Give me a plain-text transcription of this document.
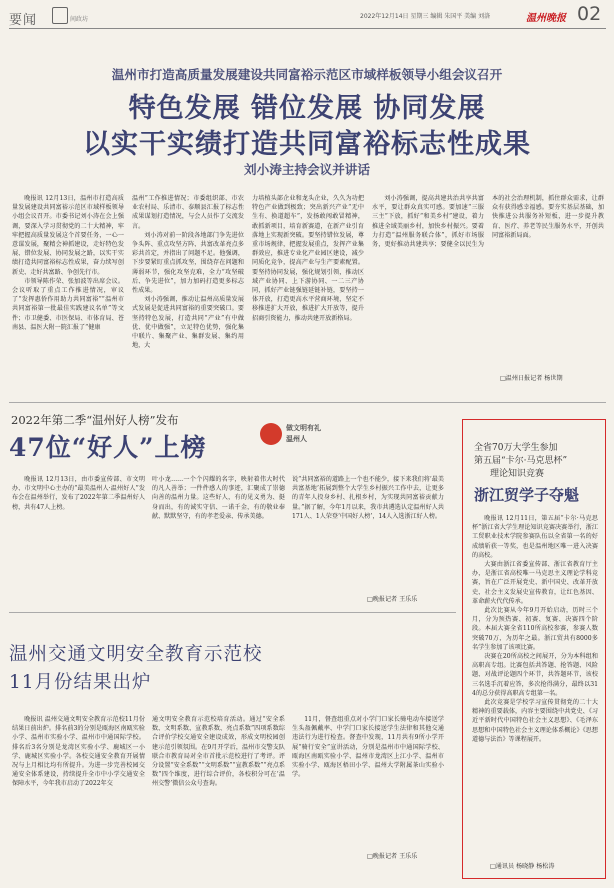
要闻	间政坊	2022年12月14日 星期三 编辑 朱国平 美编 刘洛	温州晚报 02
温州市打造高质量发展建设共同富裕示范区市域样板领导小组会议召开
特色发展 错位发展 协同发展
以实干实绩打造共同富裕标志性成果
刘小涛主持会议并讲话

晚报讯 12月13日，温州市打造高质量发展建设共同富裕示范区市域样板领导小组会议召开。市委书记刘小涛在会上强调，要深入学习贯彻党的二十大精神，牢牢把握高质量发展这个首要任务，一心一意谋发展，聚精会神抓建设，走好特色发展、错位发展、协同发展之路，以实干实绩打造共同富裕标志性成果，奋力续写创新史、走好共富路、争创先行市。

市领导陈作荣、张加波等出席会议。会议听取了重点工作推进情况，审议了“发挥惠侨作用助力共同富裕”“温州市共同富裕第一批最佳实践建议名单”等文件；市卫健委、市医保局、市体育局、苍南县、温医大附一院汇报了“健康

温州”工作推进情况；市委组织部、市农业农村局、乐清市、泰顺县汇报了标志性成果谋划打造情况，与会人员作了交流发言。

刘小涛对前一阶段各地部门争先进位争头阵、重点攻坚方阵、共富改革亮点多彩共首定，并指出了问题不足。他强调，下步要紧盯重点抓攻坚，围绕存在问题和薄弱环节，强化攻坚克难，全力“攻坚破后、争先进位”，加力加码打造更多标志性成果。

刘小涛强调，推动让温州高质量发展式发展是促进共同富裕的重要突破口。要坚持特色发展，打造共同“产业”有中做优、优中做强”，立足特色优势，强化集中联片、集聚产业、集群发展、集约用地，大

力培植头部企业和龙头企业，久久为功把特色产业做到极致；突出新兴产业“无中生有、换道超车”，发扬敢闯敢冒精神，敢抓新项目，培育新赛道，在新产业引育落地上实现新突破。要坚持错位发展，尊重市场规律，把握发展重点，发挥产业集群效应，推进专业化产业园区建设，减少同质化竞争，提高产业与生产要素配置。要坚持协同发展，强化规划引领，推动区域产业协同、上下游协同、一二三产协同，抓好产业链强链延链补链，要坚持一体开放，打造更高水平营商环境，坚定不移推进扩大开放，推进扩大开放等，提升招商引资能力，推动共建开放新格局。

刘小涛强调，提高共建共治共享共富水平，要让群众真实可感。要加速“三服三主”下放，抓好“和美乡村”建设，着力推进全域美丽乡村，加快乡村振兴。要着力打造“温州服务联合体”，抓好市场服务，更好推动共建共享；要健全以民生为本的社会治理机制，抓住群众需求，让群众有获得感幸福感。要夯实基层基础，加快推进公共服务补短板，进一步提升教育、医疗、养老等民生服务水平，开创共同富裕新局面。

□温州日报记者 杨世期
2022年第二季“温州好人榜”发布
47位“好人”上榜
做文明有礼
温州人

晚报讯 12月13日，由市委宣传部、市文明办、市文明中心主办的“最美温州人·温州好人”发布会在温州举行，发布了2022年第二季温州好人榜，共有47人上榜。

叶小龙……一个个闪耀的名字，映射着伟大时代的凡人善举；一件件感人的事迹，汇聚成了崇德向善的温州力量。这些好人，有的见义勇为、挺身而出，有的诚实守信、一诺千金，有的敬业奉献、默默坚守，有的孝老爱亲、传承美德。

说“共同富裕的道路上一个也不能少，接下来我们将‘最美共富基地’拓展到整个大学生乡村振兴工作中去，让更多的青年人投身乡村、扎根乡村，为实现共同富裕贡献力量。”据了解，今年1月以来，我市共遴选认定温州好人共171人、1人荣登‘中国好人榜’，14人入选浙江好人榜。

□晚报记者 王乐乐
温州交通文明安全教育示范校
11月份结果出炉

晚报讯 温州交通文明安全教育示范校11月份结果日前出炉。排名前3的分别是瓯海区南瓯实验小学、温州市实验小学、温州市中通国际学校。排名后3名分别是龙湾区实验小学、鹿城区一小学、鹿城区实验小学。各校交通安全教育开展情况与上月相比均有所提升。为进一步完善校园交通安全体系建设，持续提升全市中小学交通安全保障水平，今年我市启动了2022年交

通文明安全教育示范校培育活动。通过“安全系数、文明系数、宣教系数、亮点系数”四项系数综合评价学校交通安全建设成效，形成文明校园创建示范引领氛围。在9月开学后，温州市交警支队联合市教育局对全市首批示范校进行了考评。评分设置“安全系数”“文明系数”“宣教系数”“亮点系数”四个维度，进行综合评价，各校积分可在‘温州交警’微信公众号查询。

11月，督查组重点对小学门口家长骑电动车接送学生头盔佩戴率、中学门口家长接送学生法律和其他交通违法行为进行检查。督查中发现，11月共有9所小学开展“骑行安全”宣讲活动，分别是温州市中通国际学校、瓯海区南瓯实验小学、温州市龙湾区上江小学、温州市实验小学、瓯海区梧田小学、温州大学附属茶山实验小学。

□晚报记者 王乐乐
全省70万大学生参加
第五届“卡尔·马克思杯”
理论知识竞赛
浙江贸学子夺魁

晚报讯 12月11日，第五届“卡尔·马克思杯”浙江省大学生理论知识竞赛决赛举行，浙江工贸职业技术学院参赛队伍以全省第一名的好成绩斩获一等奖，也是温州地区唯一进入决赛的高校。

大赛由浙江省委宣传部、浙江省教育厅主办，是浙江省高校唯一马克思主义理论学科竞赛，旨在广泛开展党史、新中国史、改革开放史、社会主义发展史宣传教育，让红色基因、革命薪火代代传承。

此次比赛从今年9月开始启动，历时三个月，分为预热赛、初赛、复赛、决赛四个阶段。本届大赛全省110所高校参赛，参赛人数突破70万，为历年之最。浙江贸共有8000多名学生参加了该项比赛。

决赛在20所高校之间展开，分为本科组和高职高专组。比赛包括共答题、抢答题、风险题、对战评论题四个环节，共答题环节，该校三名选手沉着应答，多次抢得满分，最终以314的总分获得高职高专组第一名。

此次竞赛是学校学习宣传贯彻党的二十大精神的重要载体，内容主要围绕中共党史、《习近平新时代中国特色社会主义思想》、《毛泽东思想和中国特色社会主义理论体系概论》《思想道德与法治》等课程展开。

□通讯员 杨晓静 杨松涛
